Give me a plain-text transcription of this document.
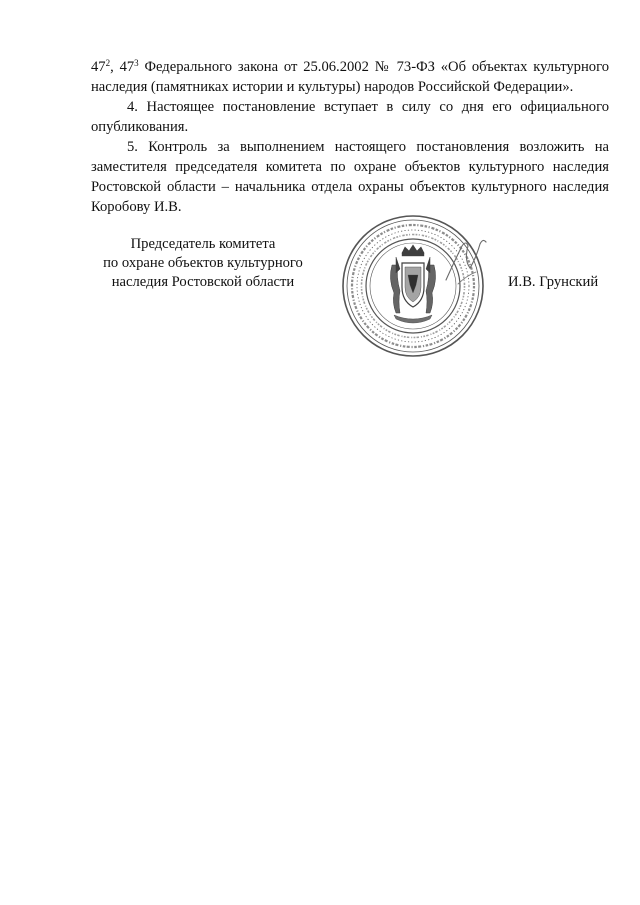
$47^2$, $47^3$ Федерального закона от 25.06.2002 № 73-ФЗ «Об объектах культурного наследия (памятниках истории и культуры) народов Российской Федерации».

4. Настоящее постановление вступает в силу со дня его официального опубликования.

5. Контроль за выполнением настоящего постановления возложить на заместителя председателя комитета по охране объектов культурного наследия Ростовской области – начальника отдела охраны объектов культурного наследия Коробову И.В.

Председатель комитета
по охране объектов культурного
наследия Ростовской области	И.В. Грунский
